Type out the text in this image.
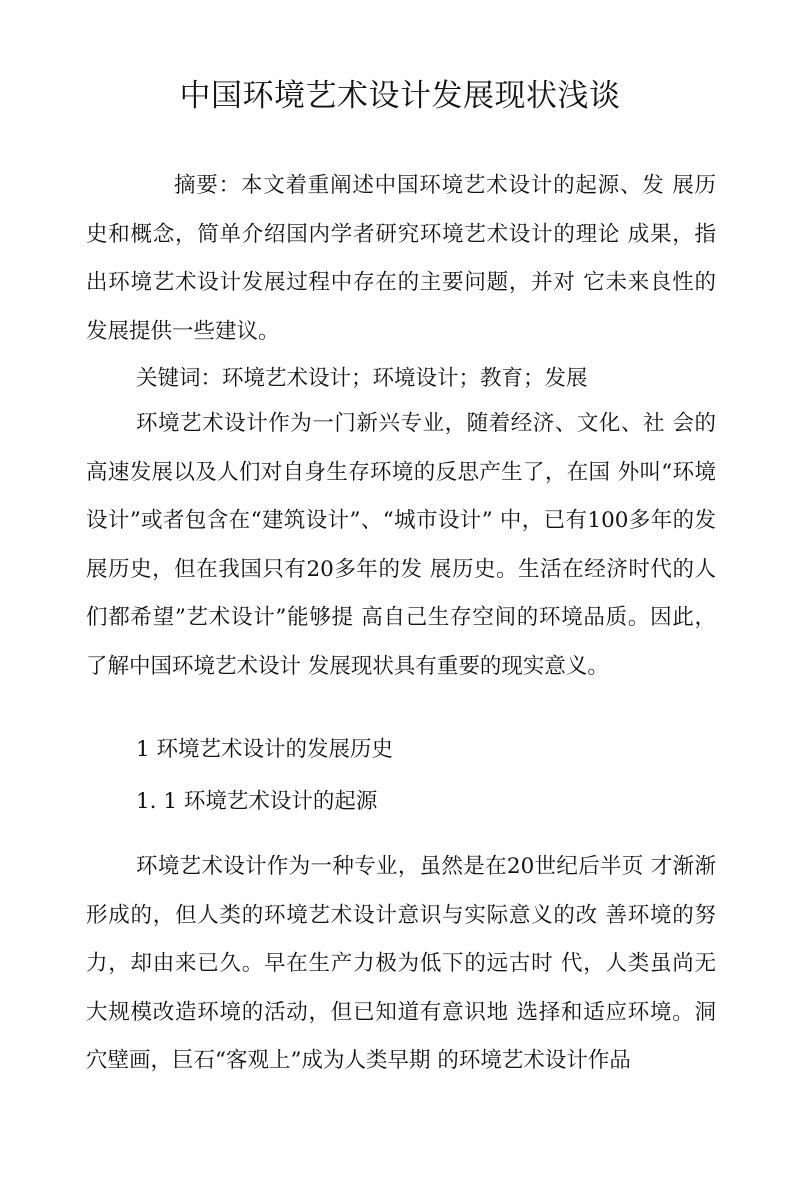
中国环境艺术设计发展现状浅谈

摘要：本文着重阐述中国环境艺术设计的起源、发 展历史和概念，简单介绍国内学者研究环境艺术设计的理论 成果，指出环境艺术设计发展过程中存在的主要问题，并对 它未来良性的发展提供一些建议。

关键词：环境艺术设计；环境设计；教育；发展

环境艺术设计作为一门新兴专业，随着经济、文化、社 会的高速发展以及人们对自身生存环境的反思产生了，在国 外叫“环境设计”或者包含在“建筑设计”、“城市设计” 中，已有100多年的发展历史，但在我国只有20多年的发 展历史。生活在经济时代的人们都希望”艺术设计”能够提 高自己生存空间的环境品质。因此，了解中国环境艺术设计 发展现状具有重要的现实意义。

1 环境艺术设计的发展历史
1. 1 环境艺术设计的起源

环境艺术设计作为一种专业，虽然是在20世纪后半页 才渐渐形成的，但人类的环境艺术设计意识与实际意义的改 善环境的努力，却由来已久。早在生产力极为低下的远古时 代，人类虽尚无大规模改造环境的活动，但已知道有意识地 选择和适应环境。洞穴壁画，巨石“客观上”成为人类早期 的环境艺术设计作品
